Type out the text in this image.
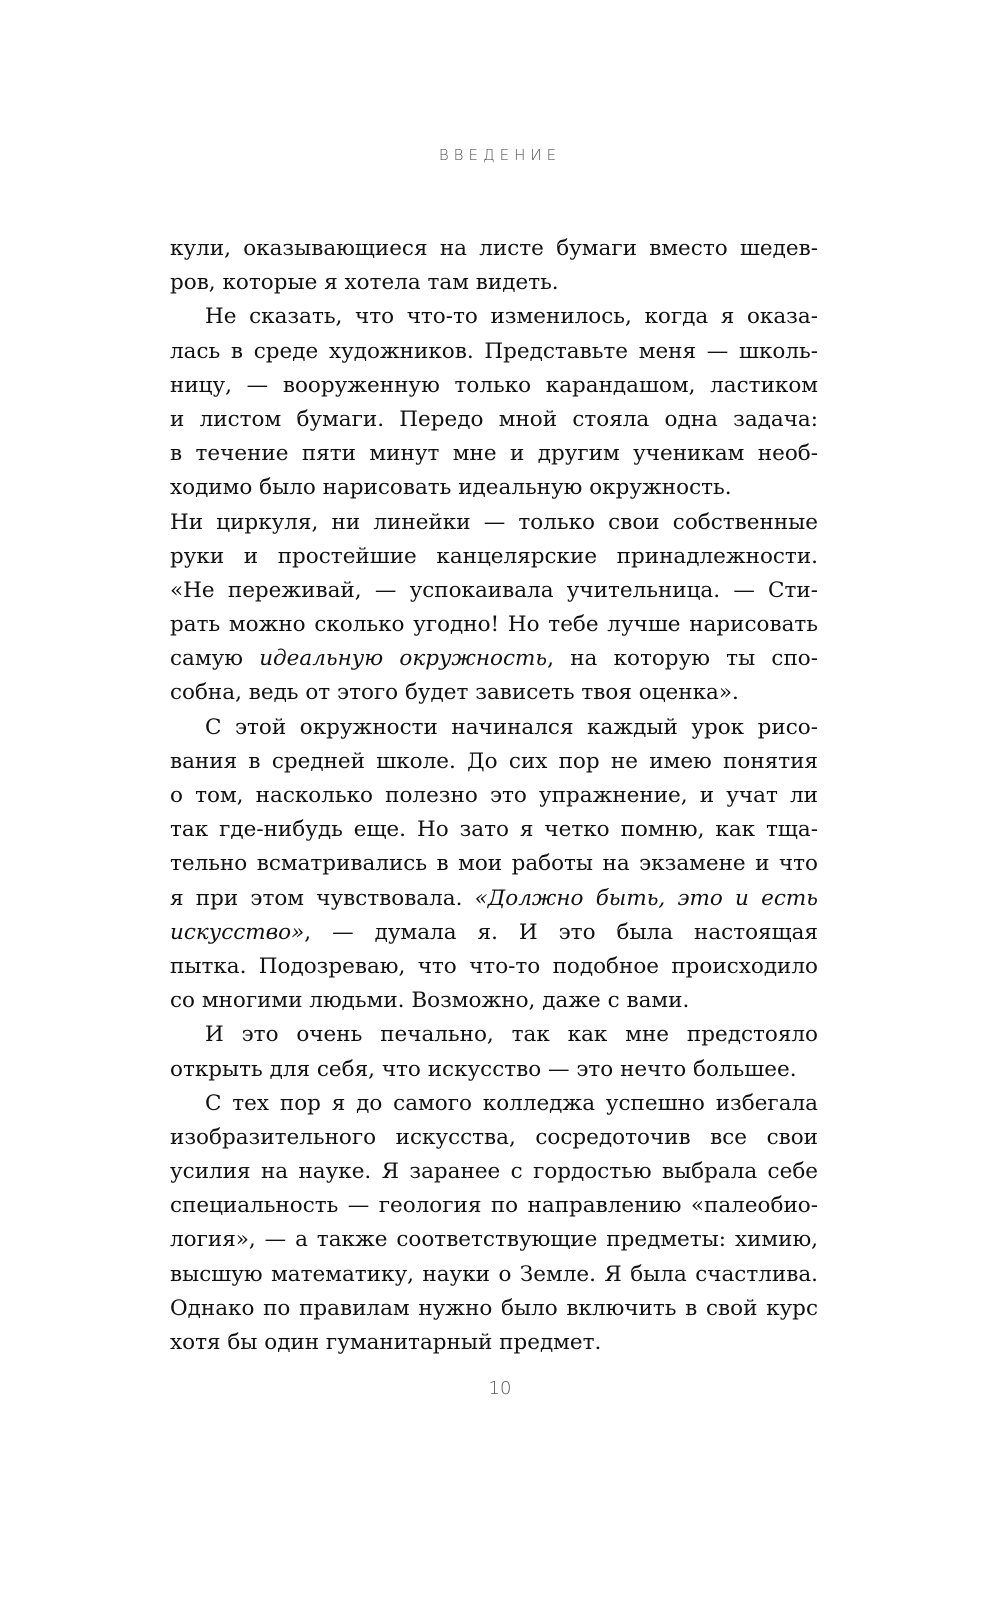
ВВЕДЕНИЕ
кули, оказывающиеся на листе бумаги вместо шедев-
ров, которые я хотела там видеть.
Не сказать, что что-то изменилось, когда я оказа-
лась в среде художников. Представьте меня — школь-
ницу, — вооруженную только карандашом, ластиком
и листом бумаги. Передо мной стояла одна задача:
в течение пяти минут мне и другим ученикам необ-
ходимо было нарисовать идеальную окружность.
Ни циркуля, ни линейки — только свои собственные
руки и простейшие канцелярские принадлежности.
«Не переживай, — успокаивала учительница. — Сти-
рать можно сколько угодно! Но тебе лучше нарисовать
самую идеальную окружность, на которую ты спо-
собна, ведь от этого будет зависеть твоя оценка».
С этой окружности начинался каждый урок рисо-
вания в средней школе. До сих пор не имею понятия
о том, насколько полезно это упражнение, и учат ли
так где-нибудь еще. Но зато я четко помню, как тща-
тельно всматривались в мои работы на экзамене и что
я при этом чувствовала. «Должно быть, это и есть
искусство», — думала я. И это была настоящая
пытка. Подозреваю, что что-то подобное происходило
со многими людьми. Возможно, даже с вами.
И это очень печально, так как мне предстояло
открыть для себя, что искусство — это нечто большее.
С тех пор я до самого колледжа успешно избегала
изобразительного искусства, сосредоточив все свои
усилия на науке. Я заранее с гордостью выбрала себе
специальность — геология по направлению «палеобио-
логия», — а также соответствующие предметы: химию,
высшую математику, науки о Земле. Я была счастлива.
Однако по правилам нужно было включить в свой курс
хотя бы один гуманитарный предмет.
10
